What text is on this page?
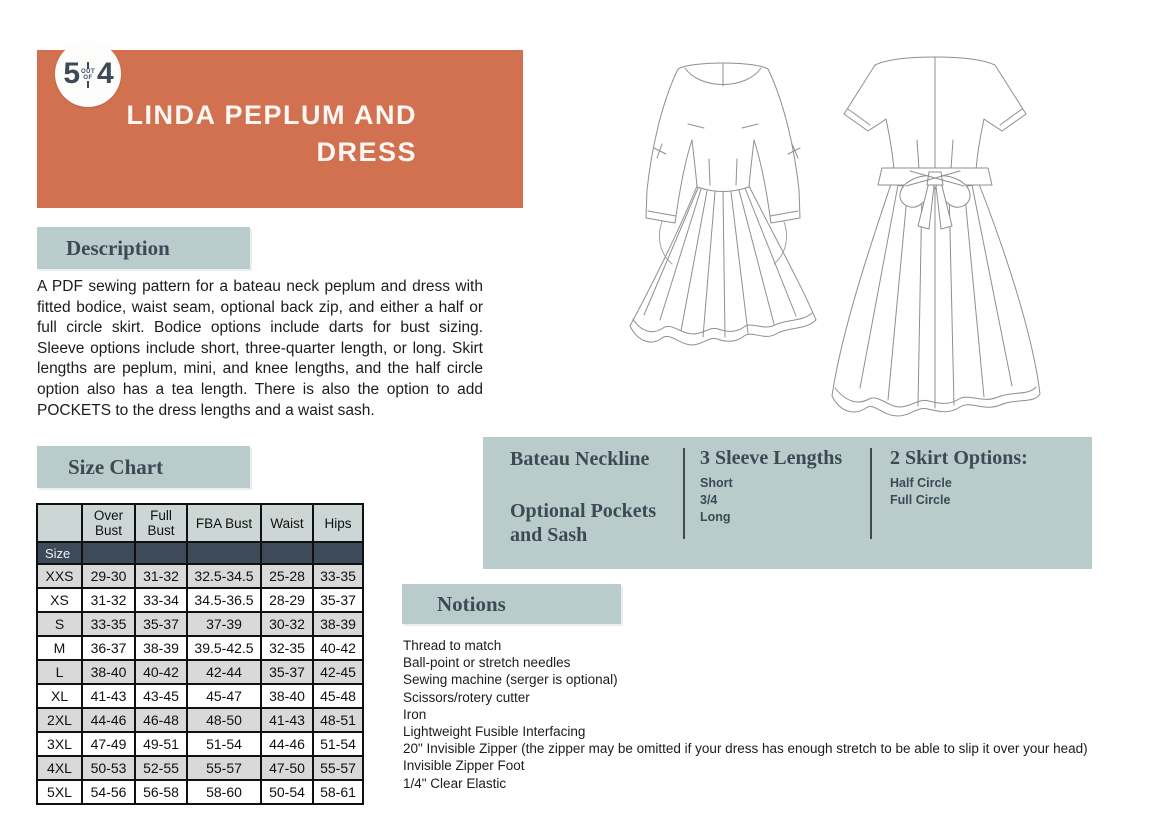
5 OUT OF 4
LINDA PEPLUM AND
DRESS
Description

A PDF sewing pattern for a bateau neck peplum and dress with fitted bodice, waist seam, optional back zip, and either a half or full circle skirt. Bodice options include darts for bust sizing. Sleeve options include short, three-quarter length, or long. Skirt lengths are peplum, mini, and knee lengths, and the half circle option also has a tea length. There is also the option to add POCKETS to the dress lengths and a waist sash.

Size Chart
	Over Bust	Full Bust	FBA Bust	Waist	Hips
Size					
XXS	29-30	31-32	32.5-34.5	25-28	33-35
XS	31-32	33-34	34.5-36.5	28-29	35-37
S	33-35	35-37	37-39	30-32	38-39
M	36-37	38-39	39.5-42.5	32-35	40-42
L	38-40	40-42	42-44	35-37	42-45
XL	41-43	43-45	45-47	38-40	45-48
2XL	44-46	46-48	48-50	41-43	48-51
3XL	47-49	49-51	51-54	44-46	51-54
4XL	50-53	52-55	55-57	47-50	55-57
5XL	54-56	56-58	58-60	50-54	58-61
Bateau Neckline
Optional Pockets and Sash
3 Sleeve Lengths
Short
3/4
Long
2 Skirt Options:
Half Circle
Full Circle
Notions
Thread to match
Ball-point or stretch needles
Sewing machine (serger is optional)
Scissors/rotery cutter
Iron
Lightweight Fusible Interfacing
20" Invisible Zipper (the zipper may be omitted if your dress has enough stretch to be able to slip it over your head)
Invisible Zipper Foot
1/4" Clear Elastic
